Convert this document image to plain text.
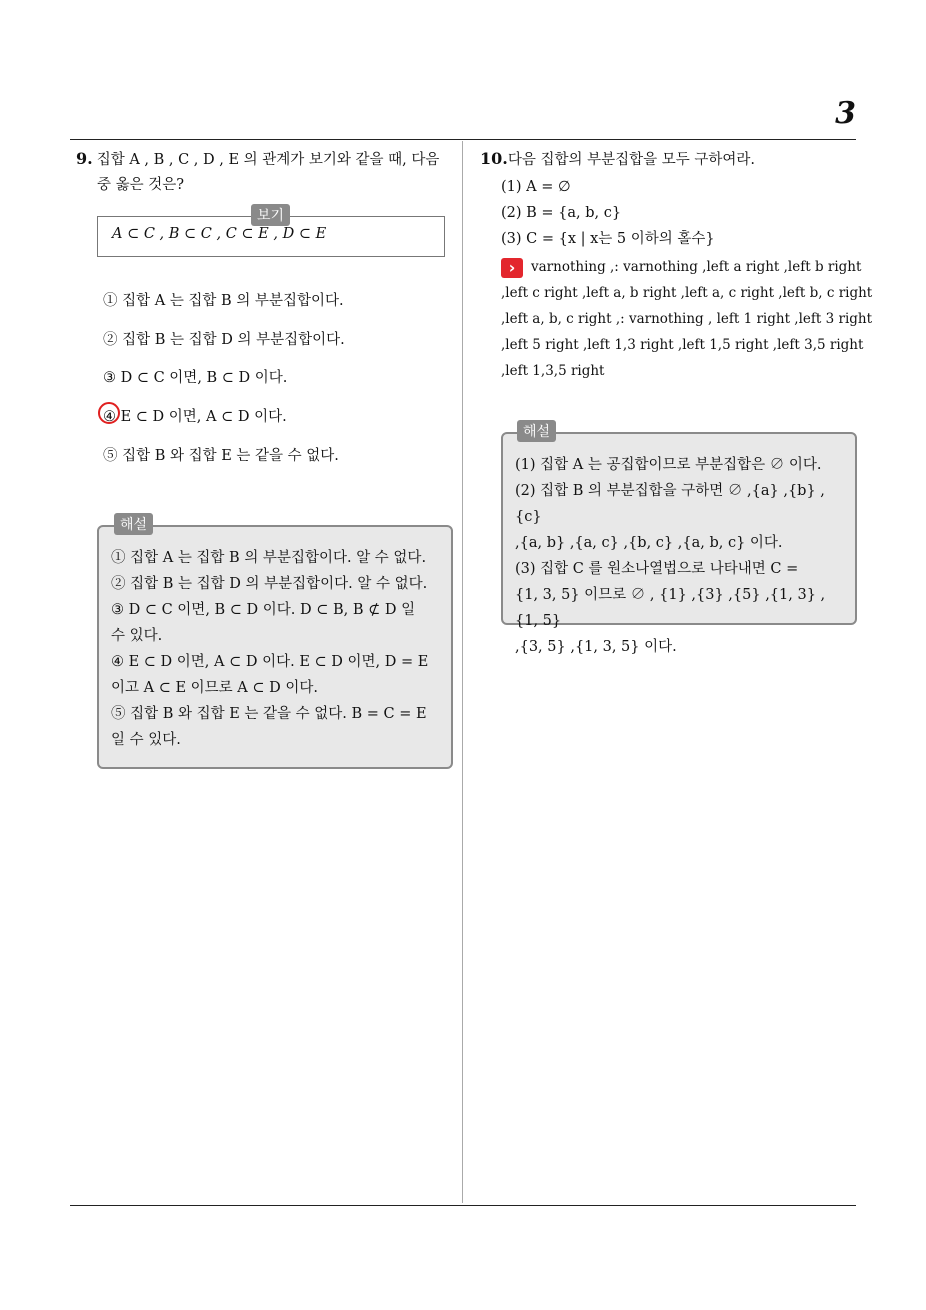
3
9. 집합 A , B , C , D , E 의 관계가 보기와 같을 때, 다음
중 옳은 것은?
A ⊂ C , B ⊂ C , C ⊂ E , D ⊂ E
보기
① 집합 A 는 집합 B 의 부분집합이다.
② 집합 B 는 집합 D 의 부분집합이다.
③ D ⊂ C 이면, B ⊂ D 이다.
④ E ⊂ D 이면, A ⊂ D 이다.
⑤ 집합 B 와 집합 E 는 같을 수 없다.
① 집합 A 는 집합 B 의 부분집합이다. 알 수 없다.
② 집합 B 는 집합 D 의 부분집합이다. 알 수 없다.
③ D ⊂ C 이면, B ⊂ D 이다. D ⊂ B, B ⊄ D 일
수 있다.
④ E ⊂ D 이면, A ⊂ D 이다. E ⊂ D 이면, D = E
이고 A ⊂ E 이므로 A ⊂ D 이다.
⑤ 집합 B 와 집합 E 는 같을 수 없다. B = C = E
일 수 있다.
해설
10.다음 집합의 부분집합을 모두 구하여라.
(1) A = ∅
(2) B = {a, b, c}
(3) C = {x | x는 5 이하의 홀수}
› varnothing ,: varnothing ,left a right ,left b right
,left c right ,left a, b right ,left a, c right ,left b, c right
,left a, b, c right ,: varnothing , left 1 right ,left 3 right
,left 5 right ,left 1,3 right ,left 1,5 right ,left 3,5 right
,left 1,3,5 right
(1) 집합 A 는 공집합이므로 부분집합은 ∅ 이다.
(2) 집합 B 의 부분집합을 구하면 ∅ ,{a} ,{b} ,{c}
,{a, b} ,{a, c} ,{b, c} ,{a, b, c} 이다.
(3) 집합 C 를 원소나열법으로 나타내면 C =
{1, 3, 5} 이므로 ∅ , {1} ,{3} ,{5} ,{1, 3} ,{1, 5}
,{3, 5} ,{1, 3, 5} 이다.
해설
